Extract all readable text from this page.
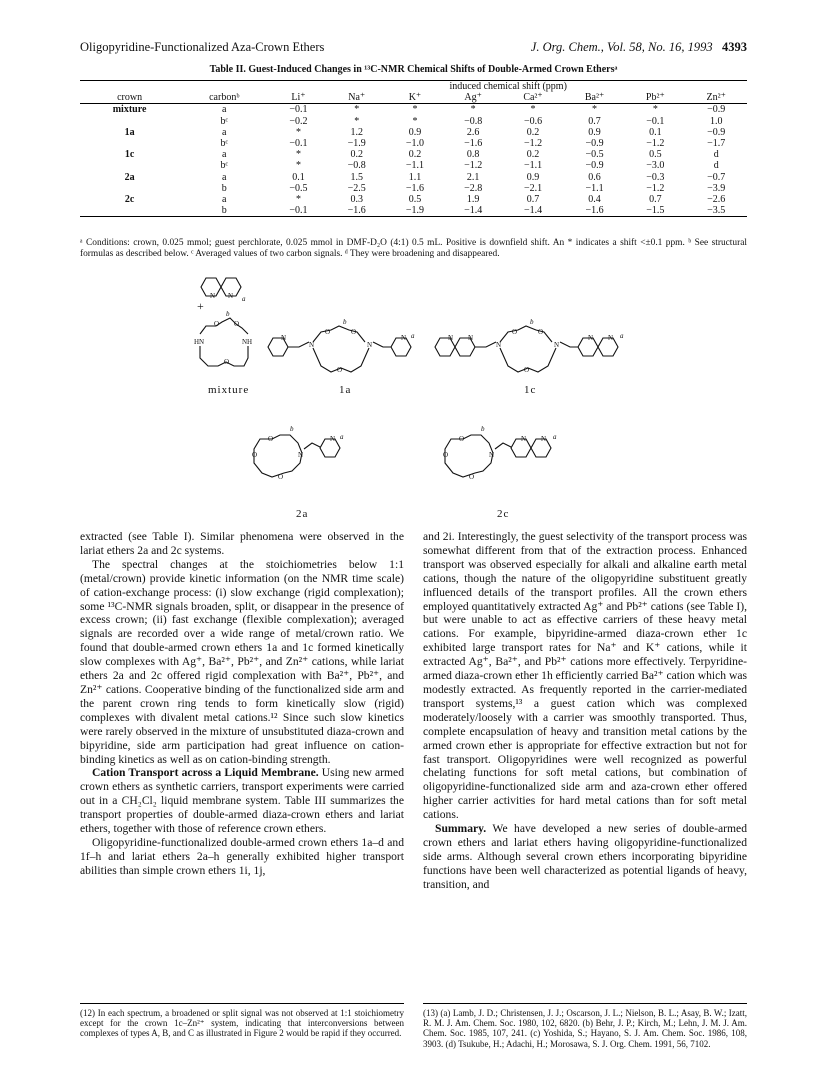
Oligopyridine-Functionalized Aza-Crown Ethers	J. Org. Chem., Vol. 58, No. 16, 1993 4393
Table II. Guest-Induced Changes in ¹³C-NMR Chemical Shifts of Double-Armed Crown Ethersᵃ
		induced chemical shift (ppm)							
crown	carbonᵇ	Li⁺	Na⁺	K⁺	Ag⁺	Ca²⁺	Ba²⁺	Pb²⁺	Zn²⁺
mixture	a	−0.1	*	*	*	*	*	*	−0.9
	bᶜ	−0.2	*	*	−0.8	−0.6	0.7	−0.1	1.0
1a	a	*	1.2	0.9	2.6	0.2	0.9	0.1	−0.9
	bᶜ	−0.1	−1.9	−1.0	−1.6	−1.2	−0.9	−1.2	−1.7
1c	a	*	0.2	0.2	0.8	0.2	−0.5	0.5	d
	bᶜ	*	−0.8	−1.1	−1.2	−1.1	−0.9	−3.0	d
2a	a	0.1	1.5	1.1	2.1	0.9	0.6	−0.3	−0.7
	b	−0.5	−2.5	−1.6	−2.8	−2.1	−1.1	−1.2	−3.9
2c	a	*	0.3	0.5	1.9	0.7	0.4	0.7	−2.6
	b	−0.1	−1.6	−1.9	−1.4	−1.4	−1.6	−1.5	−3.5

ᵃ Conditions: crown, 0.025 mmol; guest perchlorate, 0.025 mmol in DMF-D₂O (4:1) 0.5 mL. Positive is downfield shift. An * indicates a shift <±0.1 ppm. ᵇ See structural formulas as described below. ᶜ Averaged values of two carbon signals. ᵈ They were broadening and disappeared.

N N a
+
O O
O
b
HN	NH
mixture
N
N	N
O	O
O
b
N a
1a
N N
N	N
O	O
O
b
N N a
1c
O
O
O
N
b
N a
2a
O
O
O
N
b
N N a
2c

extracted (see Table I). Similar phenomena were observed in the lariat ethers 2a and 2c systems.

The spectral changes at the stoichiometries below 1:1 (metal/crown) provide kinetic information (on the NMR time scale) of cation-exchange process: (i) slow exchange (rigid complexation); some ¹³C-NMR signals broaden, split, or disappear in the presence of excess crown; (ii) fast exchange (flexible complexation); averaged signals are recorded over a wide range of metal/crown ratio. We found that double-armed crown ethers 1a and 1c formed kinetically slow complexes with Ag⁺, Ba²⁺, Pb²⁺, and Zn²⁺ cations, while lariat ethers 2a and 2c offered rigid complexation with Ba²⁺, Pb²⁺, and Zn²⁺ cations. Cooperative binding of the functionalized side arm and the parent crown ring tends to form kinetically slow (rigid) complexes with divalent metal cations.¹² Since such slow kinetics were rarely observed in the mixture of unsubstituted diaza-crown and bipyridine, side arm participation had great influence on cation-binding kinetics as well as on cation-binding strength.

Cation Transport across a Liquid Membrane. Using new armed crown ethers as synthetic carriers, transport experiments were carried out in a CH₂Cl₂ liquid membrane system. Table III summarizes the transport properties of double-armed diaza-crown ethers and lariat ethers, together with those of reference crown ethers.

Oligopyridine-functionalized double-armed crown ethers 1a–d and 1f–h and lariat ethers 2a–h generally exhibited higher transport abilities than simple crown ethers 1i, 1j,

and 2i. Interestingly, the guest selectivity of the transport process was somewhat different from that of the extraction process. Enhanced transport was observed especially for alkali and alkaline earth metal cations, though the nature of the oligopyridine substituent greatly influenced details of the transport profiles. All the crown ethers employed quantitatively extracted Ag⁺ and Pb²⁺ cations (see Table I), but were unable to act as effective carriers of these heavy metal cations. For example, bipyridine-armed diaza-crown ether 1c exhibited large transport rates for Na⁺ and K⁺ cations, while it extracted Ag⁺, Ba²⁺, and Pb²⁺ cations more effectively. Terpyridine-armed diaza-crown ether 1h efficiently carried Ba²⁺ cation which was modestly extracted. As frequently reported in the carrier-mediated transport systems,¹³ a guest cation which was complexed moderately/loosely with a carrier was smoothly transported. Thus, complete encapsulation of heavy and transition metal cations by the armed crown ether is appropriate for effective extraction but not for fast transport. Oligopyridines were well recognized as powerful chelating functions for soft metal cations, but combination of oligopyridine-functionalized side arm and aza-crown ether offered higher carrier activities for hard metal cations than for soft metal cations.

Summary. We have developed a new series of double-armed crown ethers and lariat ethers having oligopyridine-functionalized side arms. Although several crown ethers incorporating bipyridine functions have been well characterized as potential ligands of heavy, transition, and

(12) In each spectrum, a broadened or split signal was not observed at 1:1 stoichiometry except for the crown 1c–Zn²⁺ system, indicating that interconversions between complexes of types A, B, and C as illustrated in Figure 2 would be rapid if they occurred.
(13) (a) Lamb, J. D.; Christensen, J. J.; Oscarson, J. L.; Nielson, B. L.; Asay, B. W.; Izatt, R. M. J. Am. Chem. Soc. 1980, 102, 6820. (b) Behr, J. P.; Kirch, M.; Lehn, J. M. J. Am. Chem. Soc. 1985, 107, 241. (c) Yoshida, S.; Hayano, S. J. Am. Chem. Soc. 1986, 108, 3903. (d) Tsukube, H.; Adachi, H.; Morosawa, S. J. Org. Chem. 1991, 56, 7102.
